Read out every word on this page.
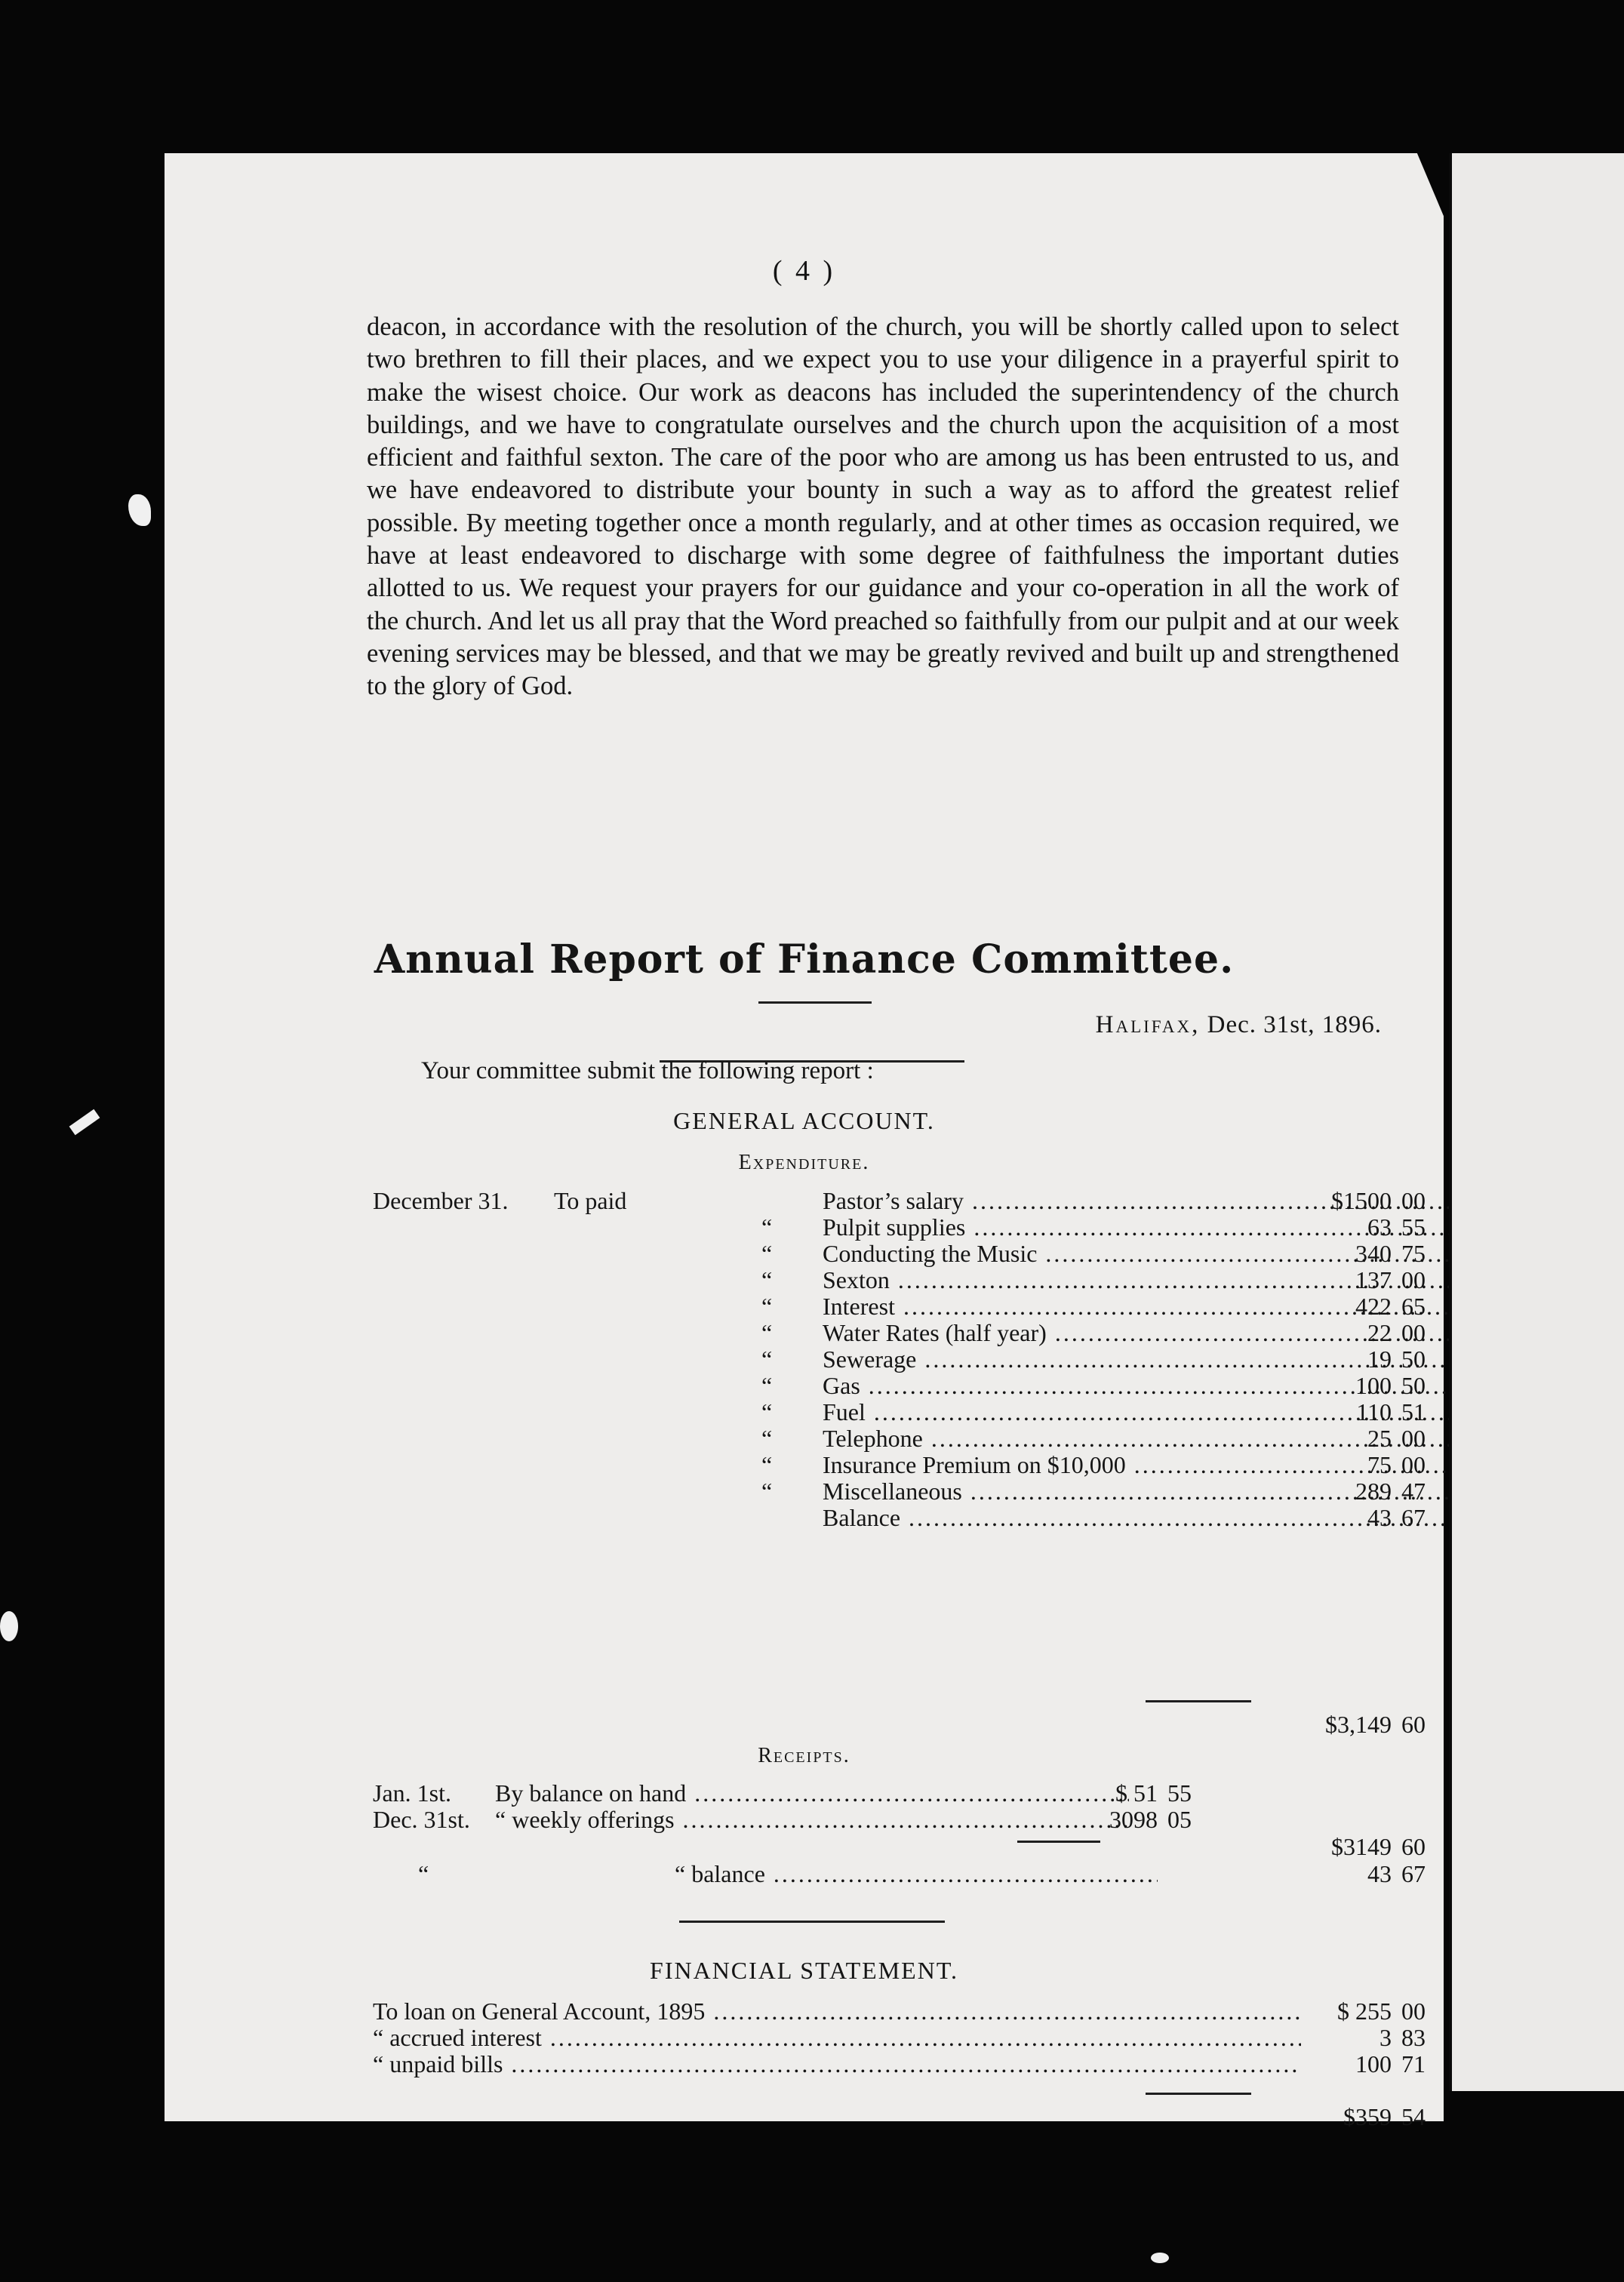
( 4 )

deacon, in accordance with the resolution of the church, you will be shortly called upon to select two brethren to fill their places, and we expect you to use your diligence in a prayerful spirit to make the wisest choice. Our work as deacons has included the superintendency of the church buildings, and we have to congratulate ourselves and the church upon the acquisition of a most efficient and faithful sexton. The care of the poor who are among us has been entrusted to us, and we have endeavored to distribute your bounty in such a way as to afford the greatest relief possible. By meeting together once a month regularly, and at other times as occasion required, we have at least endeavored to discharge with some degree of faithfulness the important duties allotted to us. We request your prayers for our guidance and your co-operation in all the work of the church. And let us all pray that the Word preached so faithfully from our pulpit and at our week evening services may be blessed, and that we may be greatly revived and built up and strengthened to the glory of God.

Annual Report of Finance Committee.
Halifax, Dec. 31st, 1896.
Your committee submit the following report :
GENERAL ACCOUNT.
Expenditure.
December 31. To paid	Pastor’s salary .....	$1500 00
“ Pulpit supplies .....	63 55
“ Conducting the Music .....	340 75
“ Sexton .....	137 00
“ Interest .....	422 65
“ Water Rates (half year) .....	22 00
“ Sewerage .....	19 50
“ Gas .....	100 50
“ Fuel .....	110 51
“ Telephone .....	25 00
“ Insurance Premium on $10,000 .....	75 00
“ Miscellaneous .....	289 47
Balance .....	43 67
$3,149 60
Receipts.
Jan. 1st. By balance on hand .....	$ 51 55
Dec. 31st. “ weekly offerings .....	3098 05
$3149 60
“	“ balance .....	43 67
FINANCIAL STATEMENT.
To loan on General Account, 1895 .....	$ 255 00
“ accrued interest .....	3 83
“ unpaid bills .....	100 71
$359 54
